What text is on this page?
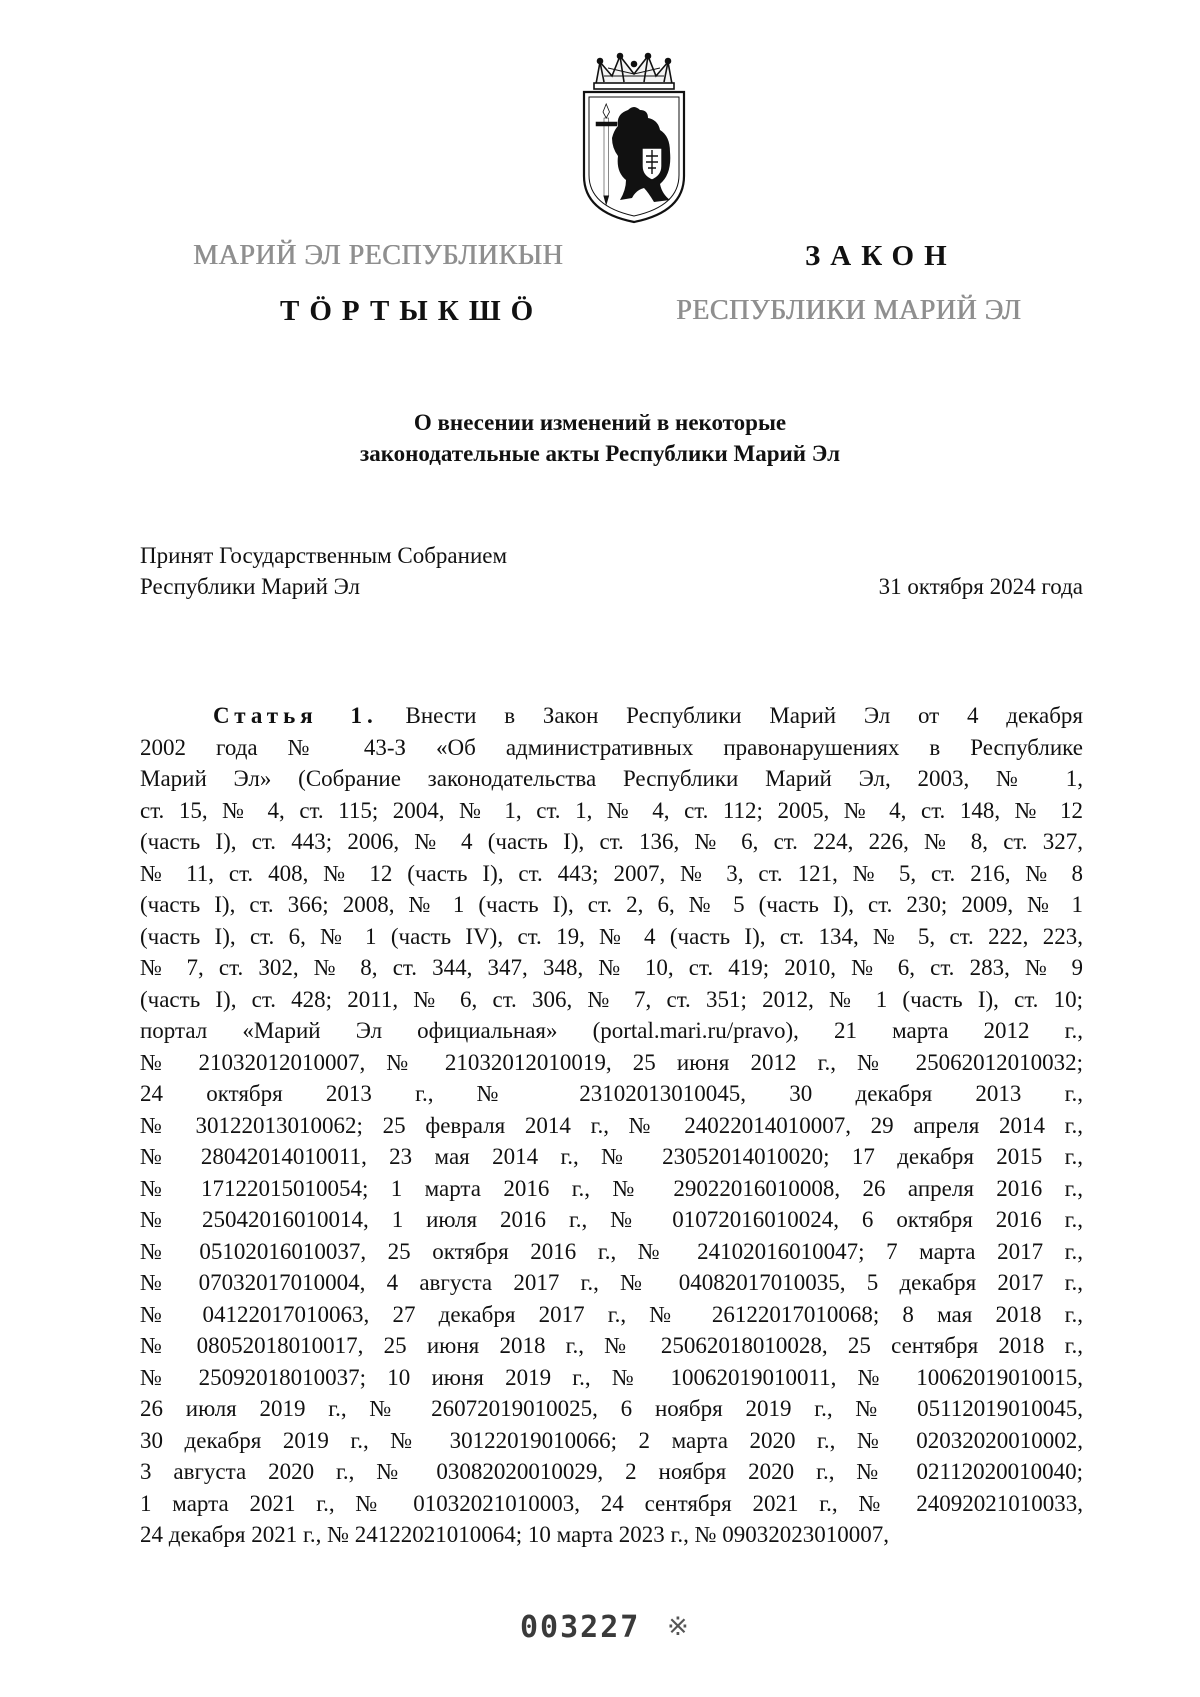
МАРИЙ ЭЛ РЕСПУБЛИКЫН	ЗАКОН
ТӦРТЫКШӦ	РЕСПУБЛИКИ МАРИЙ ЭЛ
О внесении изменений в некоторые
законодательные акты Республики Марий Эл
Принят Государственным Собранием
Республики Марий Эл	31 октября 2024 года
Статья 1. Внести в Закон Республики Марий Эл от 4 декабря
2002 года № 43-З «Об административных правонарушениях в Республике
Марий Эл» (Собрание законодательства Республики Марий Эл, 2003, № 1,
ст. 15, № 4, ст. 115; 2004, № 1, ст. 1, № 4, ст. 112; 2005, № 4, ст. 148, № 12
(часть I), ст. 443; 2006, № 4 (часть I), ст. 136, № 6, ст. 224, 226, № 8, ст. 327,
№ 11, ст. 408, № 12 (часть I), ст. 443; 2007, № 3, ст. 121, № 5, ст. 216, № 8
(часть I), ст. 366; 2008, № 1 (часть I), ст. 2, 6, № 5 (часть I), ст. 230; 2009, № 1
(часть I), ст. 6, № 1 (часть IV), ст. 19, № 4 (часть I), ст. 134, № 5, ст. 222, 223,
№ 7, ст. 302, № 8, ст. 344, 347, 348, № 10, ст. 419; 2010, № 6, ст. 283, № 9
(часть I), ст. 428; 2011, № 6, ст. 306, № 7, ст. 351; 2012, № 1 (часть I), ст. 10;
портал «Марий Эл официальная» (portal.mari.ru/pravo), 21 марта 2012 г.,
№ 21032012010007, № 21032012010019, 25 июня 2012 г., № 25062012010032;
24 октября 2013 г., № 23102013010045, 30 декабря 2013 г.,
№ 30122013010062; 25 февраля 2014 г., № 24022014010007, 29 апреля 2014 г.,
№ 28042014010011, 23 мая 2014 г., № 23052014010020; 17 декабря 2015 г.,
№ 17122015010054; 1 марта 2016 г., № 29022016010008, 26 апреля 2016 г.,
№ 25042016010014, 1 июля 2016 г., № 01072016010024, 6 октября 2016 г.,
№ 05102016010037, 25 октября 2016 г., № 24102016010047; 7 марта 2017 г.,
№ 07032017010004, 4 августа 2017 г., № 04082017010035, 5 декабря 2017 г.,
№ 04122017010063, 27 декабря 2017 г., № 26122017010068; 8 мая 2018 г.,
№ 08052018010017, 25 июня 2018 г., № 25062018010028, 25 сентября 2018 г.,
№ 25092018010037; 10 июня 2019 г., № 10062019010011, № 10062019010015,
26 июля 2019 г., № 26072019010025, 6 ноября 2019 г., № 05112019010045,
30 декабря 2019 г., № 30122019010066; 2 марта 2020 г., № 02032020010002,
3 августа 2020 г., № 03082020010029, 2 ноября 2020 г., № 02112020010040;
1 марта 2021 г., № 01032021010003, 24 сентября 2021 г., № 24092021010033,
24 декабря 2021 г., № 24122021010064; 10 марта 2023 г., № 09032023010007,
003227 ※
